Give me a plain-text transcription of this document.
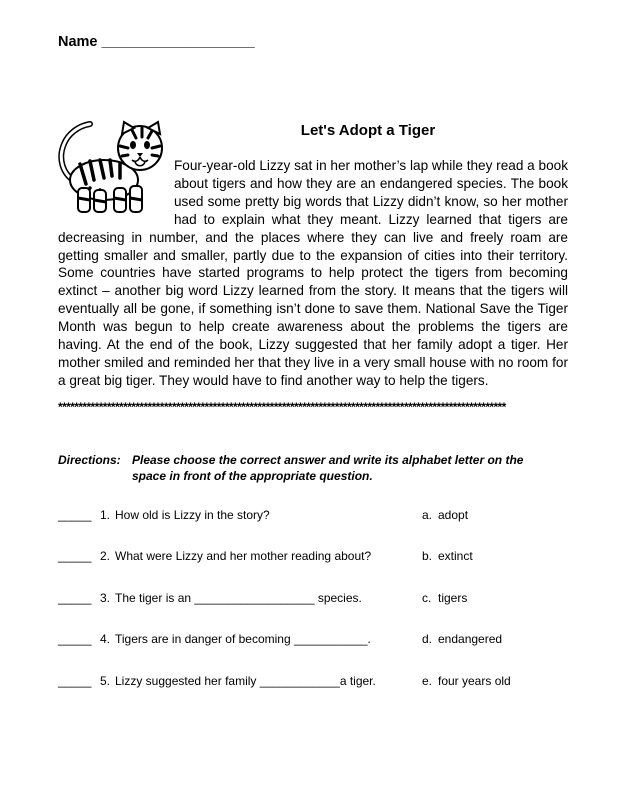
Name ___________________
Let's Adopt a Tiger
Four-year-old Lizzy sat in her mother’s lap while they read a book about tigers and how they are an endangered species. The book used some pretty big words that Lizzy didn’t know, so her mother had to explain what they meant. Lizzy learned that tigers are decreasing in number, and the places where they can live and freely roam are getting smaller and smaller, partly due to the expansion of cities into their territory. Some countries have started programs to help protect the tigers from becoming extinct – another big word Lizzy learned from the story. It means that the tigers will eventually all be gone, if something isn’t done to save them. National Save the Tiger Month was begun to help create awareness about the problems the tigers are having. At the end of the book, Lizzy suggested that her family adopt a tiger. Her mother smiled and reminded her that they live in a very small house with no room for a great big tiger. They would have to find another way to help the tigers.
**************************************************************************************************************
Directions: Please choose the correct answer and write its alphabet letter on the space in front of the appropriate question.
_____ 1. How old is Lizzy in the story?	a. adopt
_____ 2. What were Lizzy and her mother reading about?	b. extinct
_____ 3. The tiger is an __________________ species.	c. tigers
_____ 4. Tigers are in danger of becoming ___________.	d. endangered
_____ 5. Lizzy suggested her family ____________a tiger.	e. four years old
